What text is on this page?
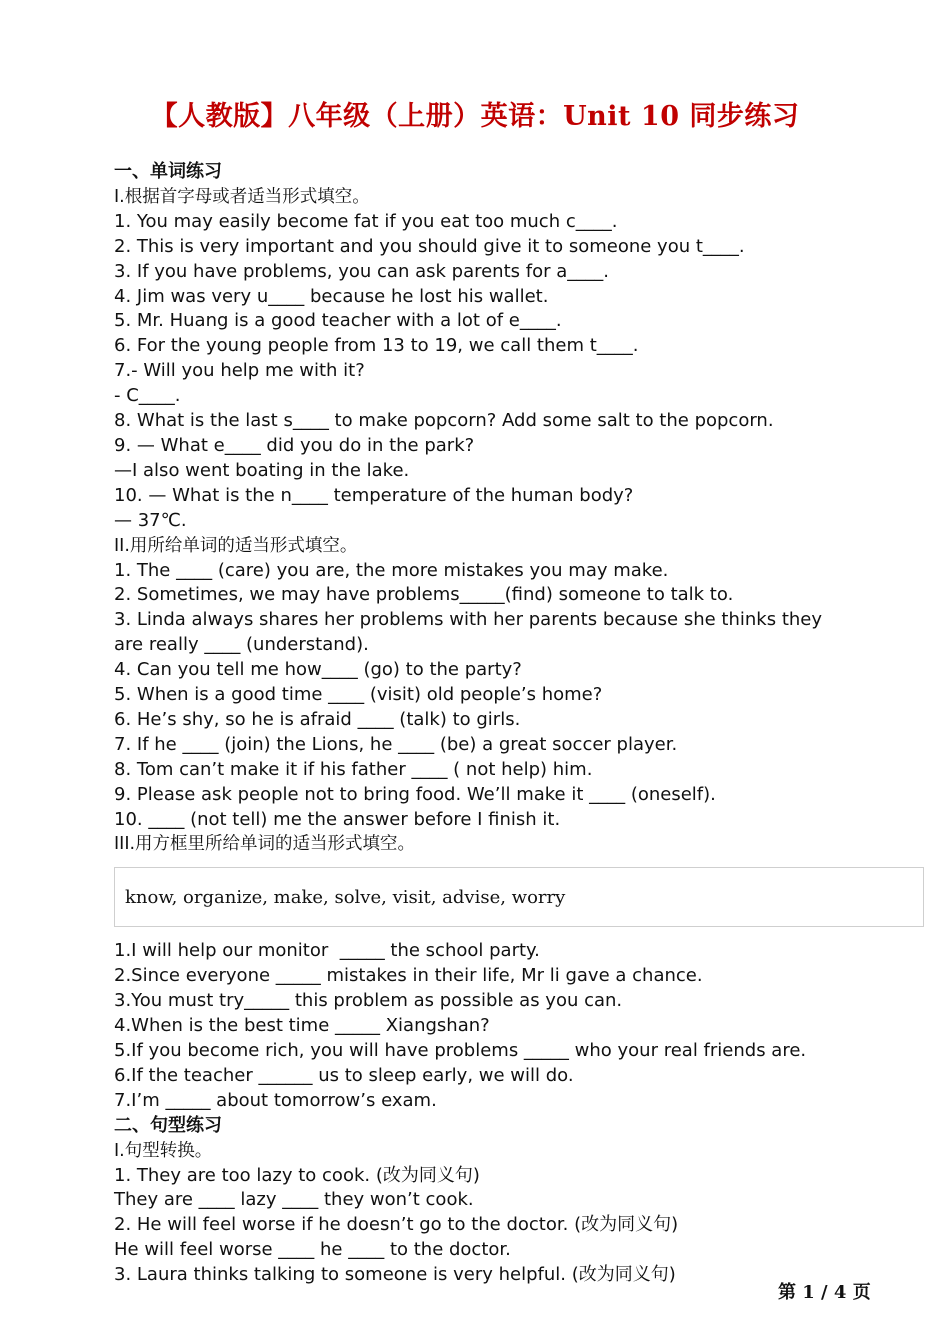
【人教版】八年级（上册）英语：Unit 10 同步练习
一、单词练习
I.根据首字母或者适当形式填空。
1. You may easily become fat if you eat too much c____.
2. This is very important and you should give it to someone you t____.
3. If you have problems, you can ask parents for a____.
4. Jim was very u____ because he lost his wallet.
5. Mr. Huang is a good teacher with a lot of e____.
6. For the young people from 13 to 19, we call them t____.
7.- Will you help me with it?
- C____.
8. What is the last s____ to make popcorn? Add some salt to the popcorn.
9. — What e____ did you do in the park?
—I also went boating in the lake.
10. — What is the n____ temperature of the human body?
— 37℃.
II.用所给单词的适当形式填空。
1. The ____ (care) you are, the more mistakes you may make.
2. Sometimes, we may have problems_____(find) someone to talk to.
3. Linda always shares her problems with her parents because she thinks they
are really ____ (understand).
4. Can you tell me how____ (go) to the party?
5. When is a good time ____ (visit) old people’s home?
6. He’s shy, so he is afraid ____ (talk) to girls.
7. If he ____ (join) the Lions, he ____ (be) a great soccer player.
8. Tom can’t make it if his father ____ ( not help) him.
9. Please ask people not to bring food. We’ll make it ____ (oneself).
10. ____ (not tell) me the answer before I finish it.
III.用方框里所给单词的适当形式填空。
know, organize, make, solve, visit, advise, worry
1.I will help our monitor  _____ the school party.
2.Since everyone _____ mistakes in their life, Mr li gave a chance.
3.You must try_____ this problem as possible as you can.
4.When is the best time _____ Xiangshan?
5.If you become rich, you will have problems _____ who your real friends are.
6.If the teacher ______ us to sleep early, we will do.
7.I’m _____ about tomorrow’s exam.
二、句型练习
I.句型转换。
1. They are too lazy to cook. (改为同义句)
They are ____ lazy ____ they won’t cook.
2. He will feel worse if he doesn’t go to the doctor. (改为同义句)
He will feel worse ____ he ____ to the doctor.
3. Laura thinks talking to someone is very helpful. (改为同义句)
第 1 / 4 页
